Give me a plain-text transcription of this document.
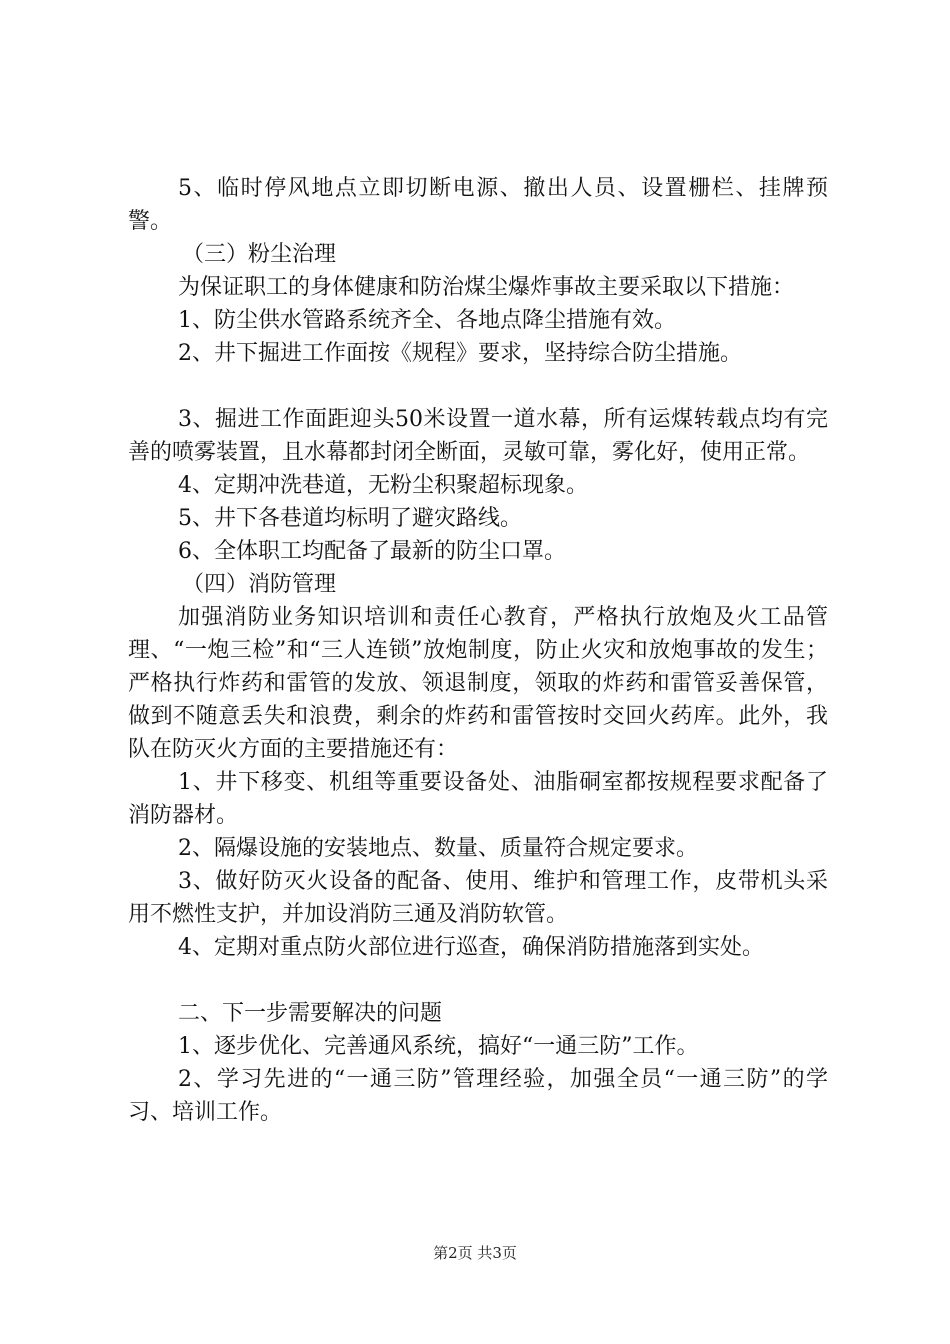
5、临时停风地点立即切断电源、撤出人员、设置栅栏、挂牌预警。

（三）粉尘治理

为保证职工的身体健康和防治煤尘爆炸事故主要采取以下措施：

1、防尘供水管路系统齐全、各地点降尘措施有效。

2、井下掘进工作面按《规程》要求，坚持综合防尘措施。

3、掘进工作面距迎头50米设置一道水幕，所有运煤转载点均有完善的喷雾装置，且水幕都封闭全断面，灵敏可靠，雾化好，使用正常。

4、定期冲洗巷道，无粉尘积聚超标现象。

5、井下各巷道均标明了避灾路线。

6、全体职工均配备了最新的防尘口罩。

（四）消防管理

加强消防业务知识培训和责任心教育，严格执行放炮及火工品管理、“一炮三检”和“三人连锁”放炮制度，防止火灾和放炮事故的发生；严格执行炸药和雷管的发放、领退制度，领取的炸药和雷管妥善保管，做到不随意丢失和浪费，剩余的炸药和雷管按时交回火药库。此外，我队在防灭火方面的主要措施还有：

1、井下移变、机组等重要设备处、油脂硐室都按规程要求配备了消防器材。

2、隔爆设施的安装地点、数量、质量符合规定要求。

3、做好防灭火设备的配备、使用、维护和管理工作，皮带机头采用不燃性支护，并加设消防三通及消防软管。

4、定期对重点防火部位进行巡查，确保消防措施落到实处。

二、下一步需要解决的问题

1、逐步优化、完善通风系统，搞好“一通三防”工作。

2、学习先进的“一通三防”管理经验，加强全员“一通三防”的学习、培训工作。

第2页 共3页
